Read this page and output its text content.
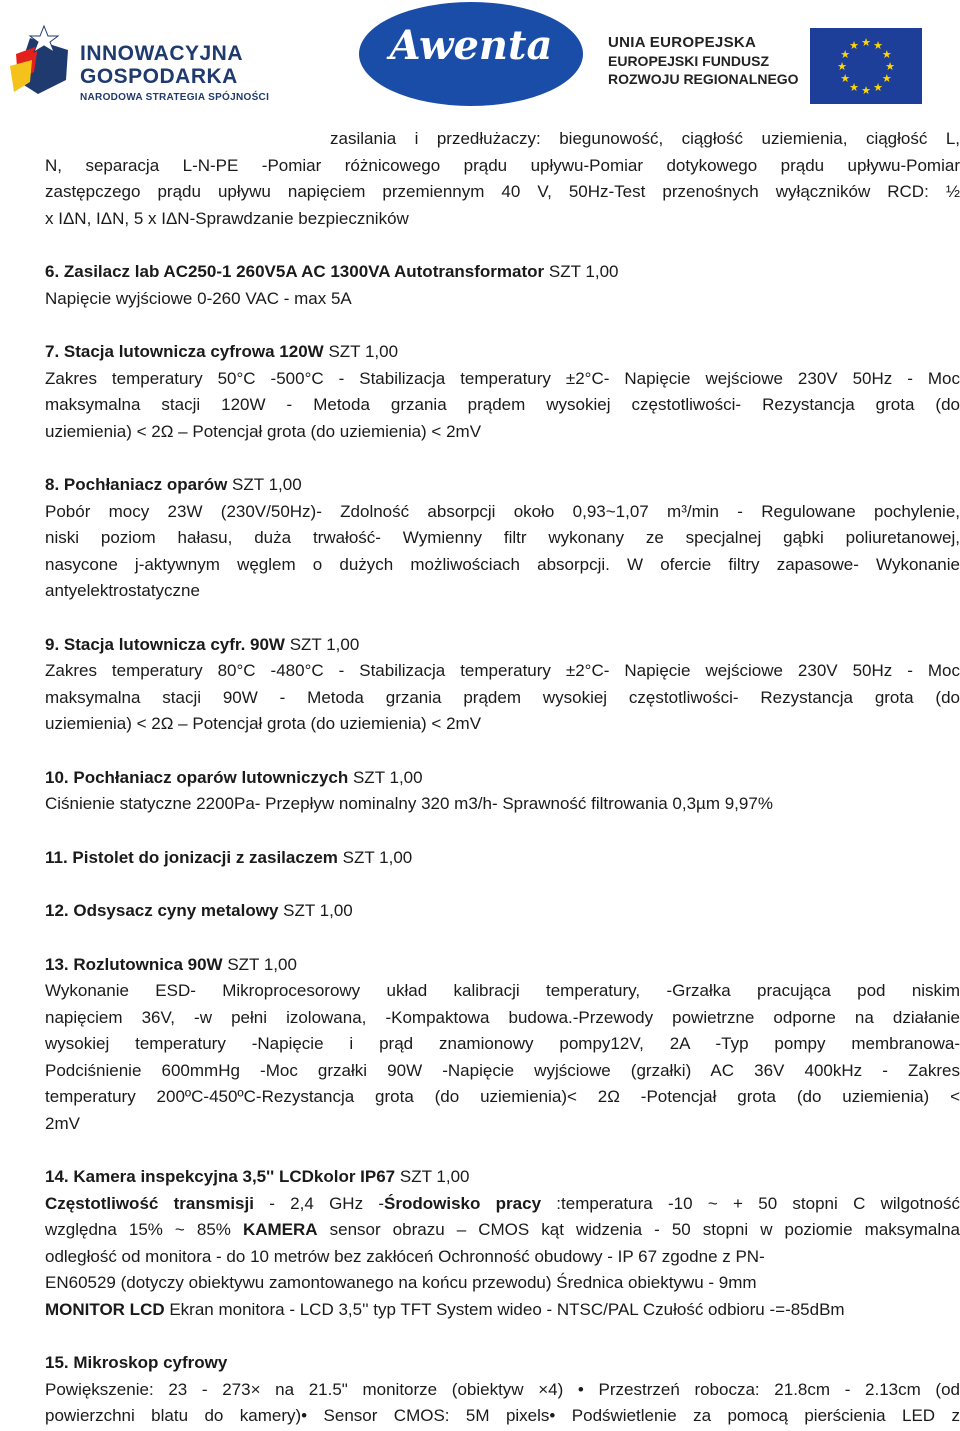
INNOWACYJNA
GOSPODARKA
NARODOWA STRATEGIA SPÓJNOŚCI
Awenta	UNIA EUROPEJSKA
EUROPEJSKI FUNDUSZ
ROZWOJU REGIONALNEGO
★
★
★
★
★
★
★
★
★ ★ ★
★
zasilania i przedłużaczy: biegunowość, ciągłość uziemienia, ciągłość L,
N, separacja L-N-PE -Pomiar różnicowego prądu upływu-Pomiar dotykowego prądu upływu-Pomiar
zastępczego prądu upływu napięciem przemiennym 40 V, 50Hz-Test przenośnych wyłączników RCD: ½
x IΔN, IΔN, 5 x IΔN-Sprawdzanie bezpieczników
6. Zasilacz lab AC250-1 260V5A AC 1300VA Autotransformator SZT 1,00
Napięcie wyjściowe 0-260 VAC - max 5A
7. Stacja lutownicza cyfrowa 120W SZT 1,00
Zakres temperatury 50°C -500°C - Stabilizacja temperatury ±2°C- Napięcie wejściowe 230V 50Hz - Moc
maksymalna stacji 120W - Metoda grzania prądem wysokiej częstotliwości- Rezystancja grota (do
uziemienia) < 2Ω – Potencjał grota (do uziemienia) < 2mV
8. Pochłaniacz oparów SZT 1,00
Pobór mocy 23W (230V/50Hz)- Zdolność absorpcji około 0,93~1,07 m³/min - Regulowane pochylenie,
niski poziom hałasu, duża trwałość- Wymienny filtr wykonany ze specjalnej gąbki poliuretanowej,
nasycone j-aktywnym węglem o dużych możliwościach absorpcji. W ofercie filtry zapasowe- Wykonanie
antyelektrostatyczne
9. Stacja lutownicza cyfr. 90W SZT 1,00
Zakres temperatury 80°C -480°C - Stabilizacja temperatury ±2°C- Napięcie wejściowe 230V 50Hz - Moc
maksymalna stacji 90W - Metoda grzania prądem wysokiej częstotliwości- Rezystancja grota (do
uziemienia) < 2Ω – Potencjał grota (do uziemienia) < 2mV
10. Pochłaniacz oparów lutowniczych SZT 1,00
Ciśnienie statyczne 2200Pa- Przepływ nominalny 320 m3/h- Sprawność filtrowania 0,3µm 9,97%
11. Pistolet do jonizacji z zasilaczem SZT 1,00
12. Odsysacz cyny metalowy SZT 1,00
13. Rozlutownica 90W SZT 1,00
Wykonanie ESD- Mikroprocesorowy układ kalibracji temperatury, -Grzałka pracująca pod niskim
napięciem 36V, -w pełni izolowana, -Kompaktowa budowa.-Przewody powietrzne odporne na działanie
wysokiej temperatury -Napięcie i prąd znamionowy pompy12V, 2A -Typ pompy membranowa-
Podciśnienie 600mmHg -Moc grzałki 90W -Napięcie wyjściowe (grzałki) AC 36V 400kHz - Zakres
temperatury 200ºC-450ºC-Rezystancja grota (do uziemienia)< 2Ω -Potencjał grota (do uziemienia) <
2mV
14. Kamera inspekcyjna 3,5'' LCDkolor IP67 SZT 1,00
Częstotliwość transmisji - 2,4 GHz -Środowisko pracy :temperatura -10 ~ + 50 stopni C wilgotność
względna 15% ~ 85% KAMERA sensor obrazu – CMOS kąt widzenia - 50 stopni w poziomie maksymalna
odległość od monitora - do 10 metrów bez zakłóceń Ochronność obudowy - IP 67 zgodne z PN-
EN60529 (dotyczy obiektywu zamontowanego na końcu przewodu) Średnica obiektywu - 9mm
MONITOR LCD Ekran monitora - LCD 3,5'' typ TFT System wideo - NTSC/PAL Czułość odbioru -=-85dBm
15. Mikroskop cyfrowy
Powiększenie: 23 - 273× na 21.5" monitorze (obiektyw ×4) • Przestrzeń robocza: 21.8cm - 2.13cm (od
powierzchni blatu do kamery)• Sensor CMOS: 5M pixels• Podświetlenie za pomocą pierścienia LED z
